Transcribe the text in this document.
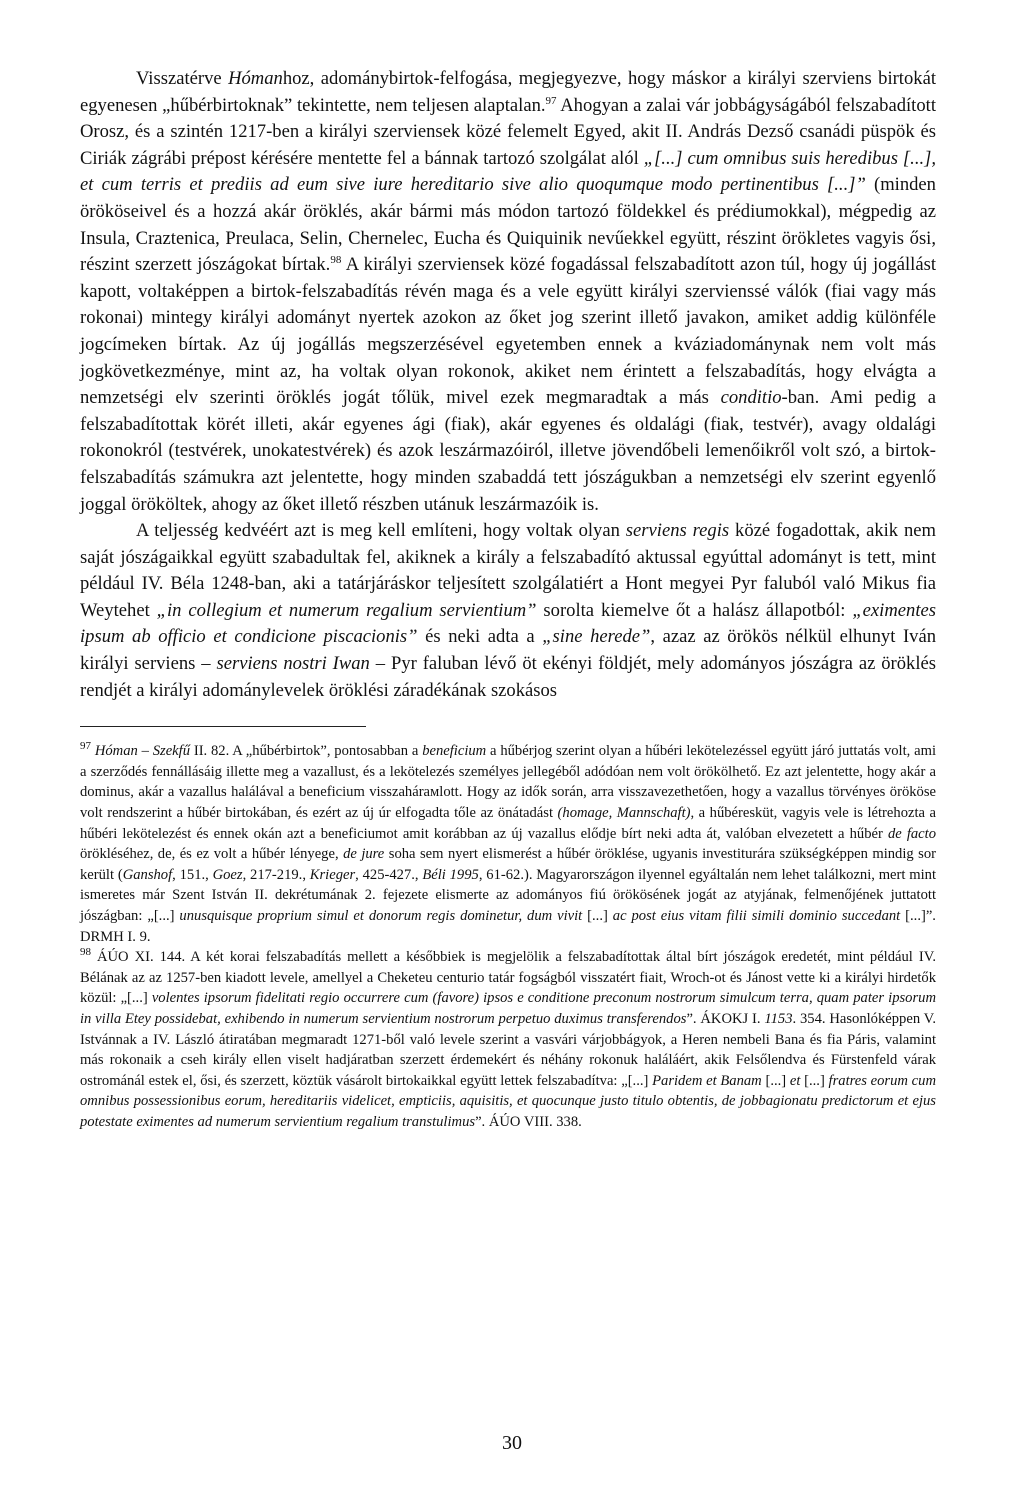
Visszatérve Hómanhoz, adománybirtok-felfogása, megjegyezve, hogy máskor a királyi szerviens birtokát egyenesen „hűbérbirtoknak” tekintette, nem teljesen alaptalan.$^{97}$ Ahogyan a zalai vár jobbágyságából felszabadított Orosz, és a szintén 1217-ben a királyi szerviensek közé felemelt Egyed, akit II. András Dezső csanádi püspök és Ciriák zágrábi prépost kérésére mentette fel a bánnak tartozó szolgálat alól „[...] cum omnibus suis heredibus [...], et cum terris et prediis ad eum sive iure hereditario sive alio quoqumque modo pertinentibus [...]” (minden örököseivel és a hozzá akár öröklés, akár bármi más módon tartozó földekkel és prédiumokkal), mégpedig az Insula, Craztenica, Preulaca, Selin, Chernelec, Eucha és Quiquinik nevűekkel együtt, részint örökletes vagyis ősi, részint szerzett jószágokat bírtak.$^{98}$ A királyi szerviensek közé fogadással felszabadított azon túl, hogy új jogállást kapott, voltaképpen a birtok-felszabadítás révén maga és a vele együtt királyi szervienssé válók (fiai vagy más rokonai) mintegy királyi adományt nyertek azokon az őket jog szerint illető javakon, amiket addig különféle jogcímeken bírtak. Az új jogállás megszerzésével egyetemben ennek a kváziadománynak nem volt más jogkövetkezménye, mint az, ha voltak olyan rokonok, akiket nem érintett a felszabadítás, hogy elvágta a nemzetségi elv szerinti öröklés jogát tőlük, mivel ezek megmaradtak a más conditio-ban. Ami pedig a felszabadítottak körét illeti, akár egyenes ági (fiak), akár egyenes és oldalági (fiak, testvér), avagy oldalági rokonokról (testvérek, unokatestvérek) és azok leszármazóiról, illetve jövendőbeli lemenőikről volt szó, a birtok-felszabadítás számukra azt jelentette, hogy minden szabaddá tett jószágukban a nemzetségi elv szerint egyenlő joggal örököltek, ahogy az őket illető részben utánuk leszármazóik is.

A teljesség kedvéért azt is meg kell említeni, hogy voltak olyan serviens regis közé fogadottak, akik nem saját jószágaikkal együtt szabadultak fel, akiknek a király a felszabadító aktussal egyúttal adományt is tett, mint például IV. Béla 1248-ban, aki a tatárjáráskor teljesített szolgálatiért a Hont megyei Pyr faluból való Mikus fia Weytehet „in collegium et numerum regalium servientium” sorolta kiemelve őt a halász állapotból: „eximentes ipsum ab officio et condicione piscacionis” és neki adta a „sine herede”, azaz az örökös nélkül elhunyt Iván királyi serviens – serviens nostri Iwan – Pyr faluban lévő öt ekényi földjét, mely adományos jószágra az öröklés rendjét a királyi adománylevelek öröklési záradékának szokásos

$^{97}$ Hóman – Szekfű II. 82. A „hűbérbirtok”, pontosabban a beneficium a hűbérjog szerint olyan a hűbéri lekötelezéssel együtt járó juttatás volt, ami a szerződés fennállásáig illette meg a vazallust, és a lekötelezés személyes jellegéből adódóan nem volt örökölhető. Ez azt jelentette, hogy akár a dominus, akár a vazallus halálával a beneficium visszahárамlott. Hogy az idők során, arra visszavezethetően, hogy a vazallus törvényes örököse volt rendszerint a hűbér birtokában, és ezért az új úr elfogadta tőle az önátadást (homage, Mannschaft), a hűbéresküt, vagyis vele is létrehozta a hűbéri lekötelezést és ennek okán azt a beneficiumot amit korábban az új vazallus elődje bírt neki adta át, valóban elvezetett a hűbér de facto örökléséhez, de, és ez volt a hűbér lényege, de jure soha sem nyert elismerést a hűbér öröklése, ugyanis investiturára szükségképpen mindig sor került (Ganshof, 151., Goez, 217-219., Krieger, 425-427., Béli 1995, 61-62.). Magyarországon ilyennel egyáltalán nem lehet találkozni, mert mint ismeretes már Szent István II. dekrétumának 2. fejezete elismerte az adományos fiú örökösének jogát az atyjának, felmenőjének juttatott jószágban: „[...] unusquisque proprium simul et donorum regis dominetur, dum vivit [...] ac post eius vitam filii simili dominio succedant [...]”. DRMH I. 9.

$^{98}$ ÁÚO XI. 144. A két korai felszabadítás mellett a későbbiek is megjelölik a felszabadítottak által bírt jószágok eredetét, mint például IV. Bélának az az 1257-ben kiadott levele, amellyel a Cheketeu centurio tatár fogságból visszatért fiait, Wroch-ot és Jánost vette ki a királyi hirdetők közül: „[...] volentes ipsorum fidelitati regio occurrere cum (favore) ipsos e conditione preconum nostrorum simulcum terra, quam pater ipsorum in villa Etey possidebat, exhibendo in numerum servientium nostrorum perpetuo duximus transferendos”. ÁKOKJ I. 1153. 354. Hasonlóképpen V. Istvánnak a IV. László átiratában megmaradt 1271-ből való levele szerint a vasvári várjobbágyok, a Heren nembeli Bana és fia Páris, valamint más rokonaik a cseh király ellen viselt hadjáratban szerzett érdemekért és néhány rokonuk haláláért, akik Felsőlendva és Fürstenfeld várak ostrománál estek el, ősi, és szerzett, köztük vásárolt birtokaikkal együtt lettek felszabadítva: „[...] Paridem et Banam [...] et [...] fratres eorum cum omnibus possessionibus eorum, hereditariis videlicet, empticiis, aquisitis, et quocunque justo titulo obtentis, de jobbagionatu predictorum et ejus potestate eximentes ad numerum servientium regalium transtulimus”. ÁÚO VIII. 338.

30
